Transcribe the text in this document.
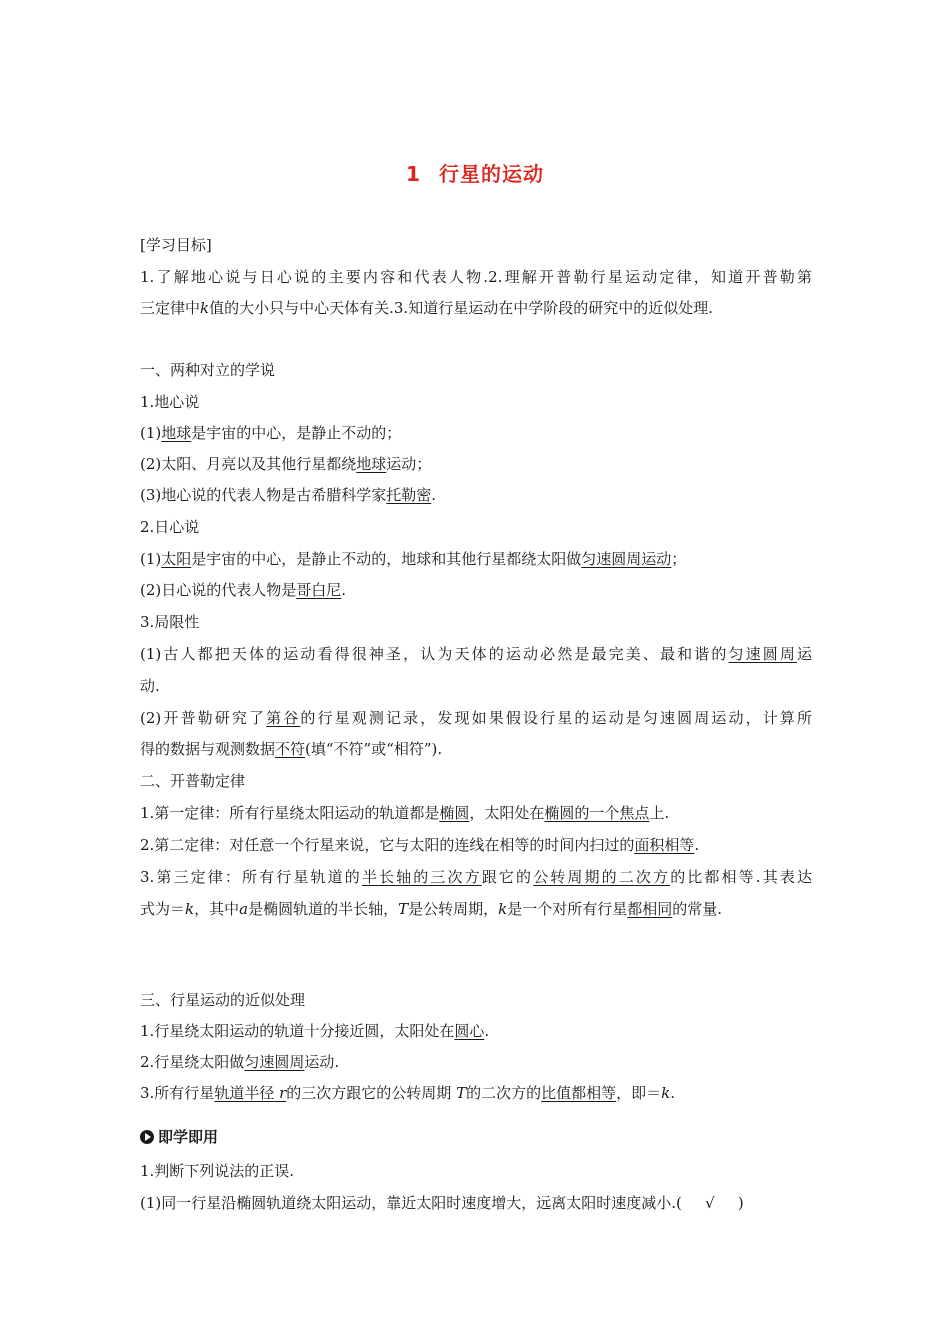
1 行星的运动
[学习目标]
1.了解地心说与日心说的主要内容和代表人物.2.理解开普勒行星运动定律，知道开普勒第
三定律中k值的大小只与中心天体有关.3.知道行星运动在中学阶段的研究中的近似处理.
一、两种对立的学说
1.地心说
(1)地球是宇宙的中心，是静止不动的；
(2)太阳、月亮以及其他行星都绕地球运动；
(3)地心说的代表人物是古希腊科学家托勒密.
2.日心说
(1)太阳是宇宙的中心，是静止不动的，地球和其他行星都绕太阳做匀速圆周运动；
(2)日心说的代表人物是哥白尼.
3.局限性
(1)古人都把天体的运动看得很神圣，认为天体的运动必然是最完美、最和谐的匀速圆周运
动.
(2)开普勒研究了第谷的行星观测记录，发现如果假设行星的运动是匀速圆周运动，计算所
得的数据与观测数据不符(填“不符”或“相符”).
二、开普勒定律
1.第一定律：所有行星绕太阳运动的轨道都是椭圆，太阳处在椭圆的一个焦点上.
2.第二定律：对任意一个行星来说，它与太阳的连线在相等的时间内扫过的面积相等.
3.第三定律：所有行星轨道的半长轴的三次方跟它的公转周期的二次方的比都相等.其表达
式为＝k，其中a是椭圆轨道的半长轴，T是公转周期，k是一个对所有行星都相同的常量.
三、行星运动的近似处理
1.行星绕太阳运动的轨道十分接近圆，太阳处在圆心.
2.行星绕太阳做匀速圆周运动.
3.所有行星轨道半径 r的三次方跟它的公转周期 T的二次方的比值都相等，即＝k.
即学即用
1.判断下列说法的正误.
(1)同一行星沿椭圆轨道绕太阳运动，靠近太阳时速度增大，远离太阳时速度减小.( √ )
